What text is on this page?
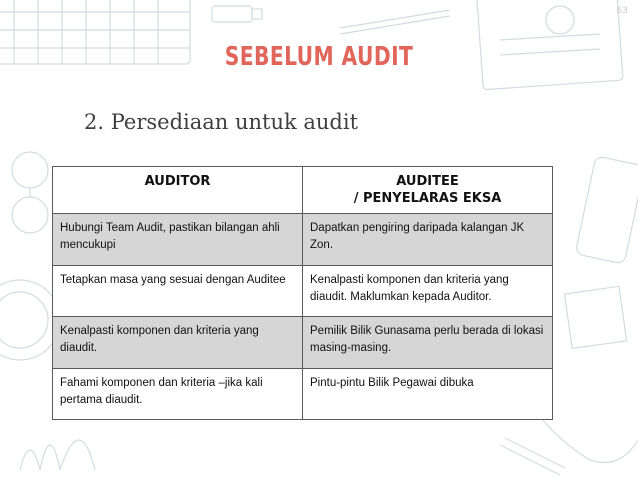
63
SEBELUM AUDIT
2. Persediaan untuk audit
AUDITOR	AUDITEE
/ PENYELARAS EKSA
Hubungi Team Audit, pastikan bilangan ahli mencukupi	Dapatkan pengiring daripada kalangan JK Zon.
Tetapkan masa yang sesuai dengan Auditee	Kenalpasti komponen dan kriteria yang diaudit. Maklumkan kepada Auditor.
Kenalpasti komponen dan kriteria yang diaudit.	Pemilik Bilik Gunasama perlu berada di lokasi masing-masing.
Fahami komponen dan kriteria –jika kali pertama diaudit.	Pintu-pintu Bilik Pegawai dibuka
